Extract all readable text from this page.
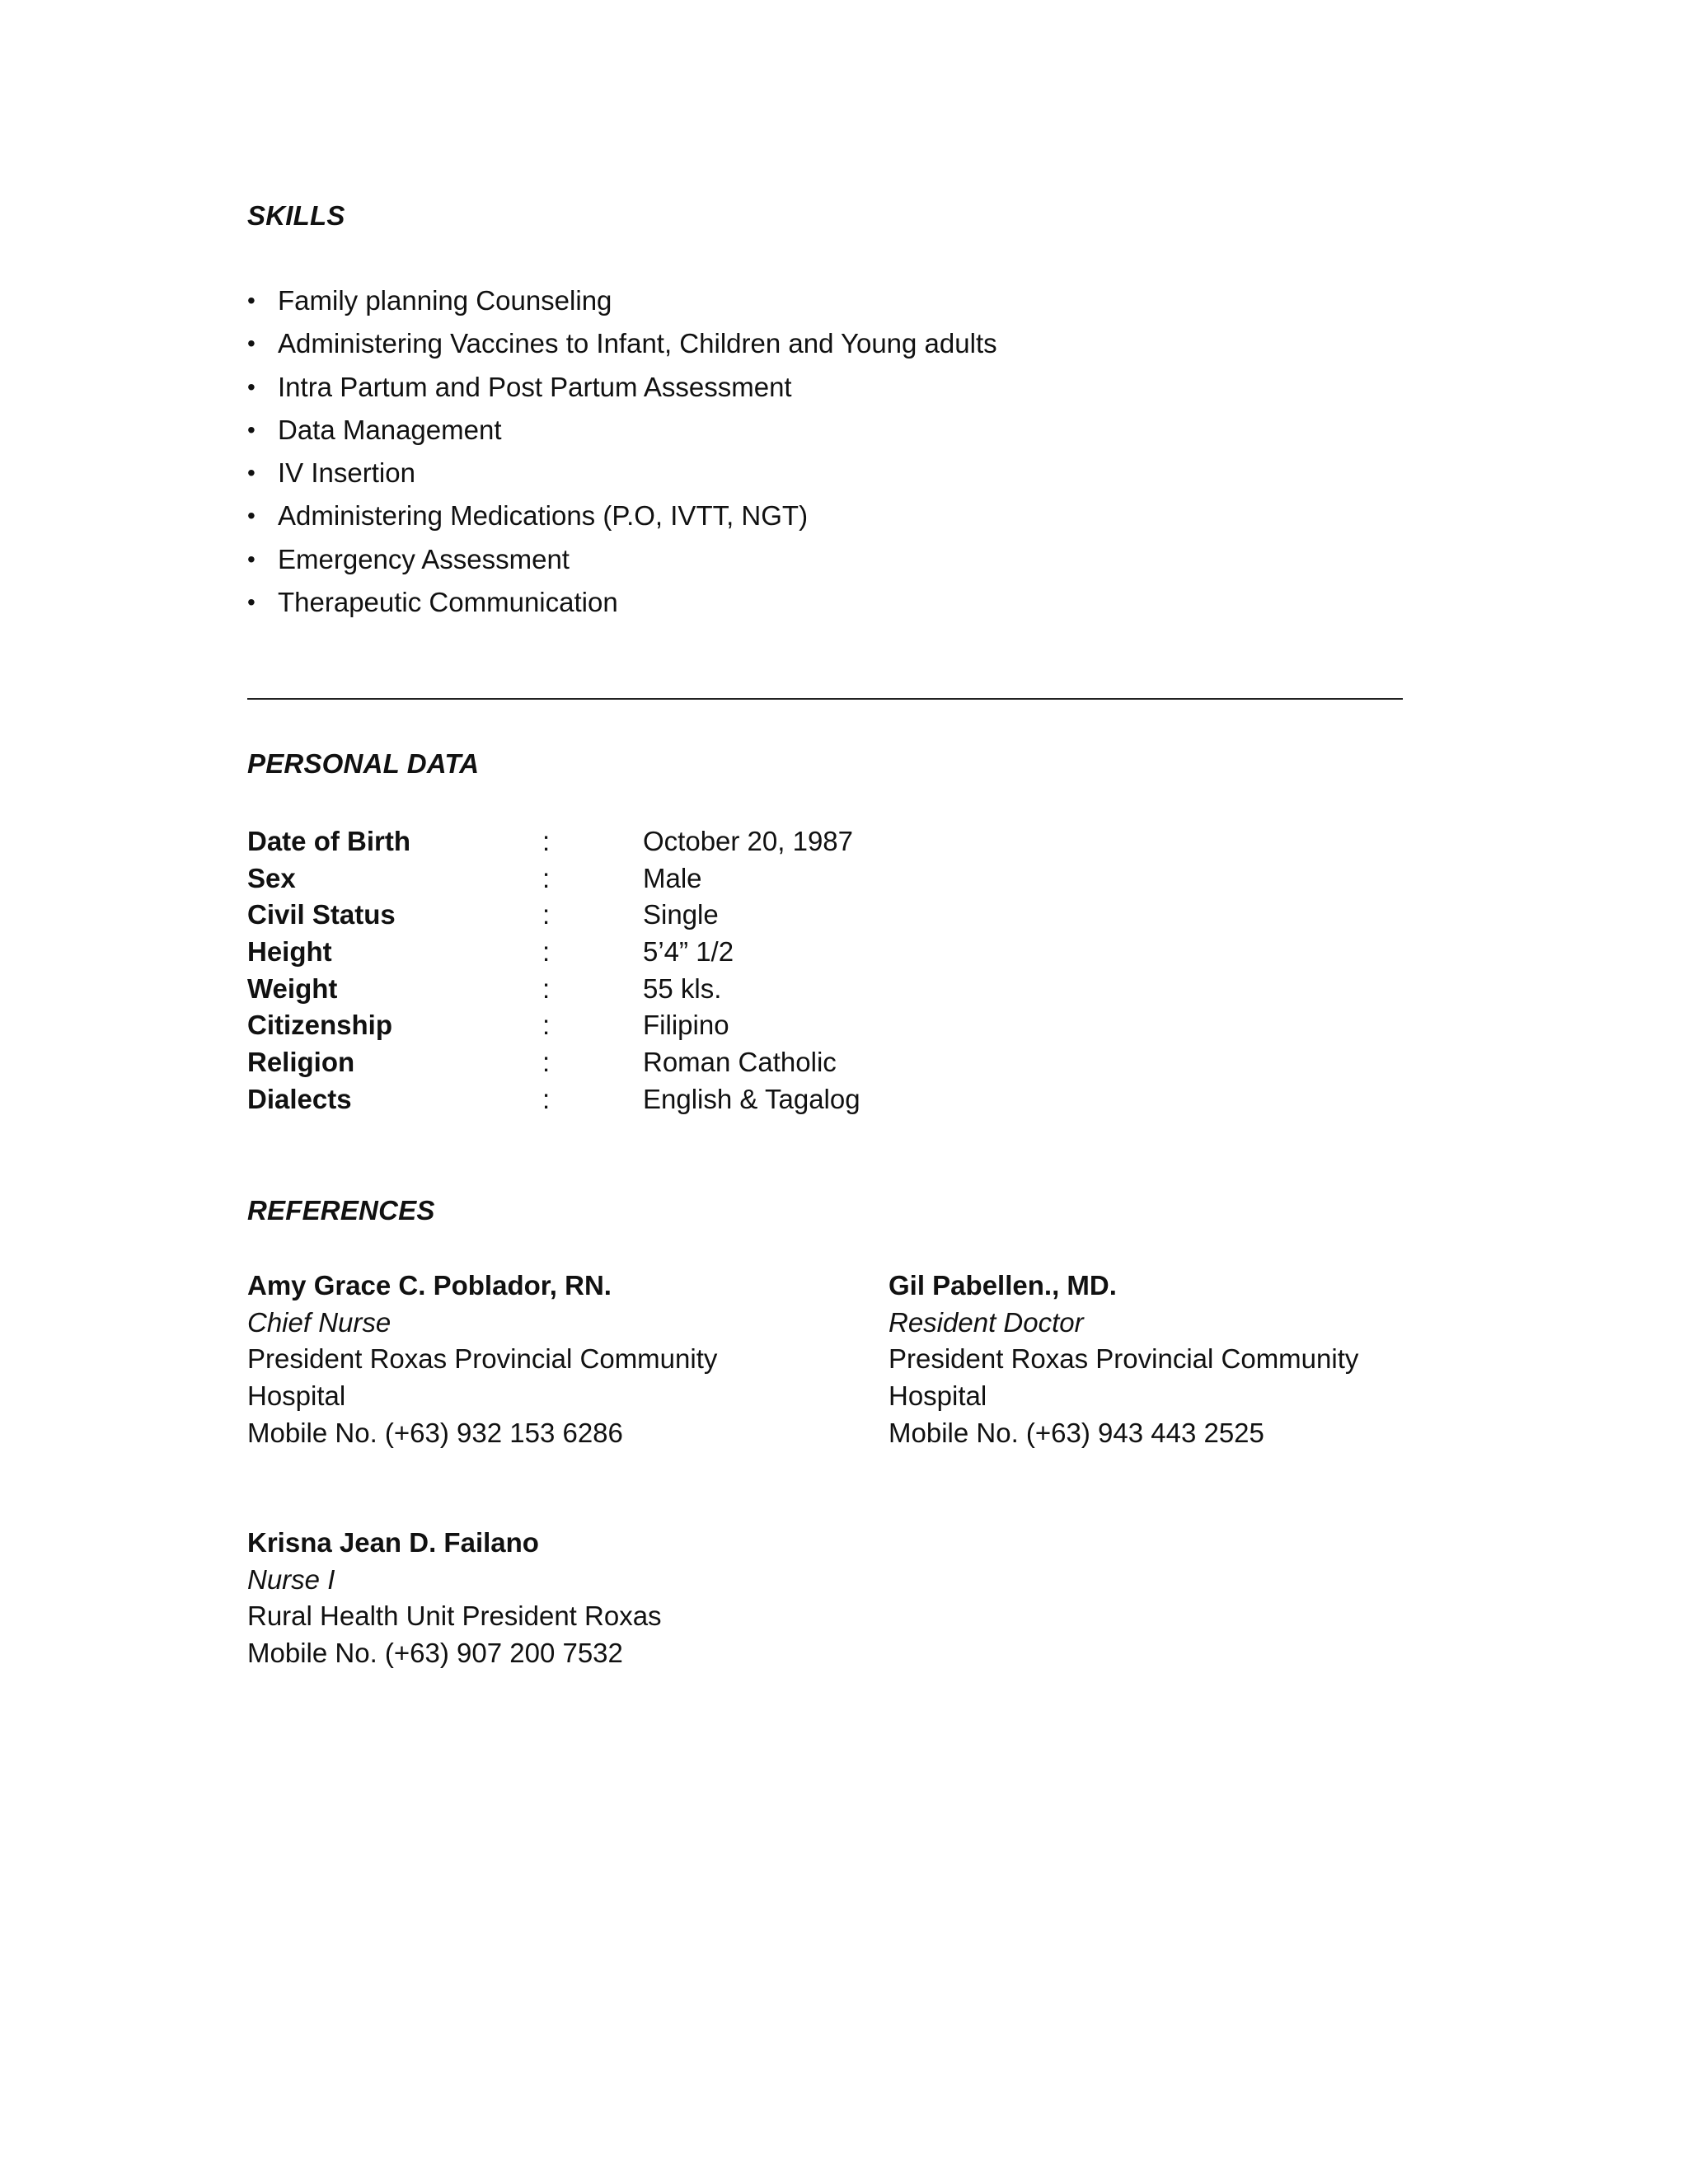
SKILLS
• Family planning Counseling
• Administering Vaccines to Infant, Children and Young adults
• Intra Partum and Post Partum Assessment
• Data Management
• IV Insertion
• Administering Medications (P.O, IVTT, NGT)
• Emergency Assessment
• Therapeutic Communication
PERSONAL DATA
Date of Birth	:	October 20, 1987
Sex	:	Male
Civil Status	:	Single
Height	:	5’4” 1/2
Weight	:	55 kls.
Citizenship	:	Filipino
Religion	:	Roman Catholic
Dialects	:	English & Tagalog
REFERENCES
Amy Grace C. Poblador, RN.
Chief Nurse
President Roxas Provincial Community
Hospital
Mobile No. (+63) 932 153 6286
Gil Pabellen., MD.
Resident Doctor
President Roxas Provincial Community
Hospital
Mobile No. (+63) 943 443 2525
Krisna Jean D. Failano
Nurse I
Rural Health Unit President Roxas
Mobile No. (+63) 907 200 7532
